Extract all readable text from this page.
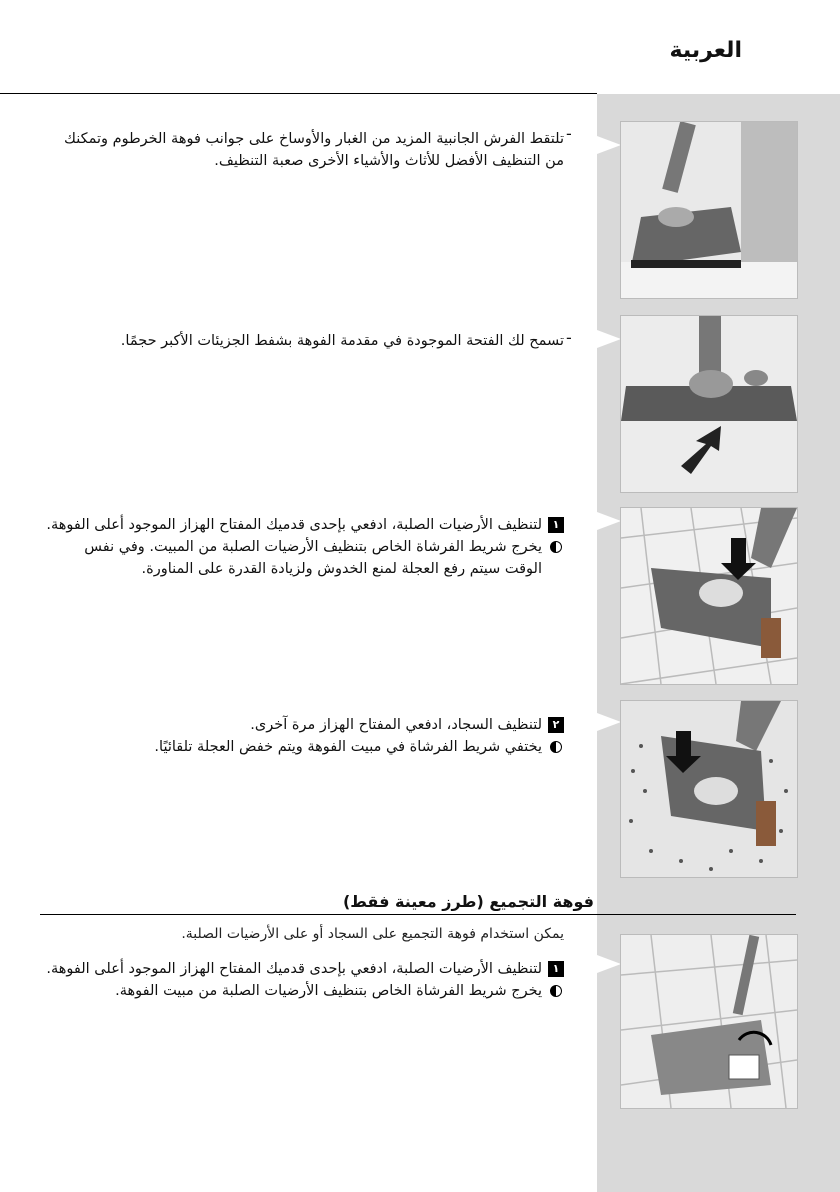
العربية
-
تلتقط الفرش الجانبية المزيد من الغبار والأوساخ على جوانب فوهة الخرطوم وتمكنك من التنظيف الأفضل للأثاث والأشياء الأخرى صعبة التنظيف.
-
تسمح لك الفتحة الموجودة في مقدمة الفوهة بشفط الجزيئات الأكبر حجمًا.
١
لتنظيف الأرضيات الصلبة، ادفعي بإحدى قدميك المفتاح الهزاز الموجود أعلى الفوهة.
يخرج شريط الفرشاة الخاص بتنظيف الأرضيات الصلبة من المبيت. وفي نفس الوقت سيتم رفع العجلة لمنع الخدوش ولزيادة القدرة على المناورة.
٢
لتنظيف السجاد، ادفعي المفتاح الهزاز مرة آخرى.
يختفي شريط الفرشاة في مبيت الفوهة ويتم خفض العجلة تلقائيًا.
فوهة التجميع (طرز معينة فقط)
يمكن استخدام فوهة التجميع على السجاد أو على الأرضيات الصلبة.
١
لتنظيف الأرضيات الصلبة، ادفعي بإحدى قدميك المفتاح الهزاز الموجود أعلى الفوهة.
يخرج شريط الفرشاة الخاص بتنظيف الأرضيات الصلبة من مبيت الفوهة.
